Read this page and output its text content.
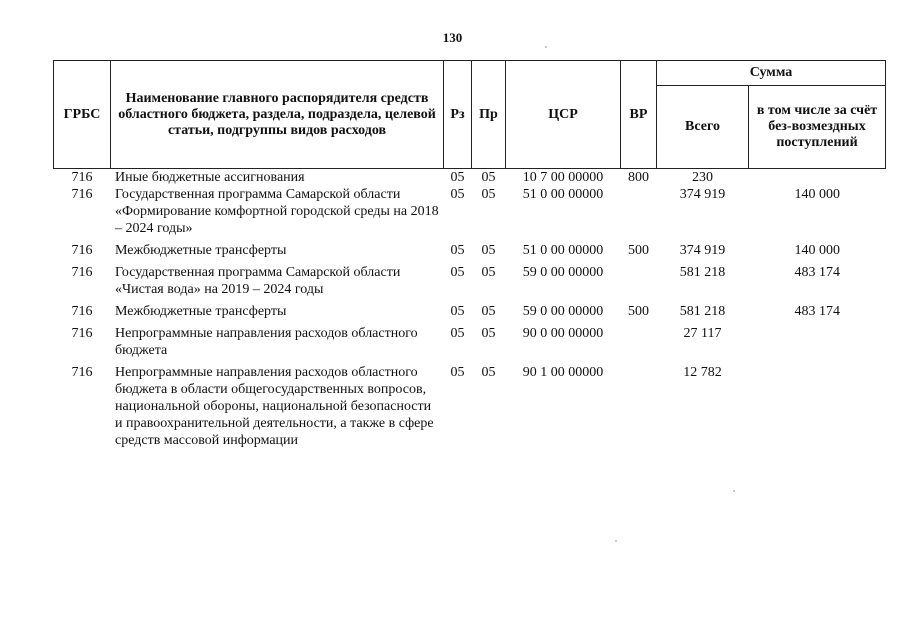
130
ГРБС	Наименование главного распорядителя средств областного бюджета, раздела, подраздела, целевой статьи, подгруппы видов расходов	Рз	Пр	ЦСР	ВР	Сумма	
						Всего	в том числе за счёт без-возмездных поступлений
716	Иные бюджетные ассигнования	05	05	10 7 00 00000	800	230	
716	Государственная программа Самарской области «Формирование комфортной городской среды на 2018 – 2024 годы»	05	05	51 0 00 00000		374 919	140 000
716	Межбюджетные трансферты	05	05	51 0 00 00000	500	374 919	140 000
716	Государственная программа Самарской области «Чистая вода» на 2019 – 2024 годы	05	05	59 0 00 00000		581 218	483 174
716	Межбюджетные трансферты	05	05	59 0 00 00000	500	581 218	483 174
716	Непрограммные направления расходов областного бюджета	05	05	90 0 00 00000		27 117	
716	Непрограммные направления расходов областного бюджета в области общегосударственных вопросов, национальной обороны, национальной безопасности и правоохранительной деятельности, а также в сфере средств массовой информации	05	05	90 1 00 00000		12 782	
